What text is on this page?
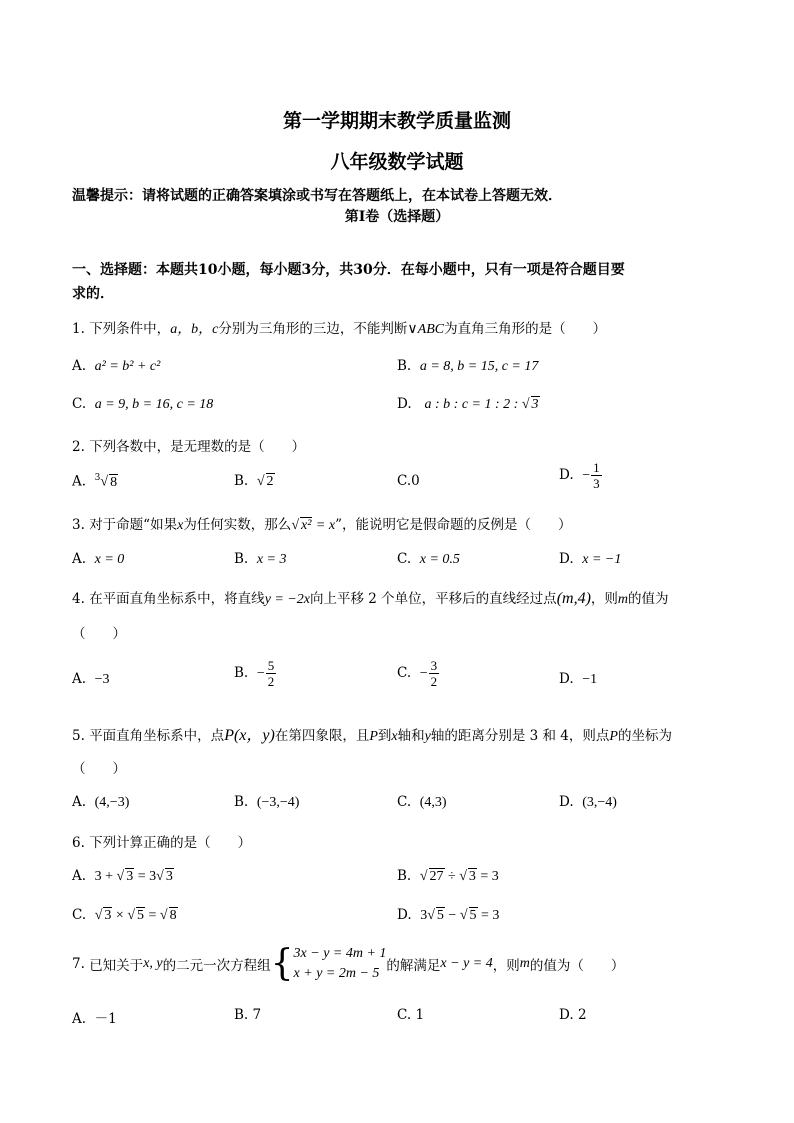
第一学期期末教学质量监测
八年级数学试题
温馨提示：请将试题的正确答案填涂或书写在答题纸上，在本试卷上答题无效．
第Ⅰ卷（选择题）
一、选择题：本题共10小题，每小题3分，共30分．在每小题中，只有一项是符合题目要
求的．
1. 下列条件中，a，b，c分别为三角形的三边，不能判断∨ABC为直角三角形的是（　　）
A. a² = b² + c²	B. a = 8, b = 15, c = 17
C. a = 9, b = 16, c = 18	D. a : b : c = 1 : 2 : √ 3
2. 下列各数中，是无理数的是（　　）
A. $^3$√ 8	B. √ 2	C.0	D. − $\frac{1}{3}$
3. 对于命题“如果x为任何实数，那么√ x² = x”，能说明它是假命题的反例是（　　）
A. x = 0	B. x = 3	C. x = 0.5	D. x = −1
4. 在平面直角坐标系中，将直线y = −2x向上平移 2 个单位，平移后的直线经过点(m,4)，则m的值为
（　　）
A. −3	B. − $\frac{5}{2}$	C. − $\frac{3}{2}$	D. −1
5. 平面直角坐标系中，点P(x，y)在第四象限，且P到x轴和y轴的距离分别是 3 和 4，则点P的坐标为
（　　）
A. (4,−3)	B. (−3,−4)	C. (4,3)	D. (3,−4)
6. 下列计算正确的是（　　）
A. 3 + √ 3 = 3√ 3	B. √ 27 ÷ √ 3 = 3
C. √ 3 × √ 5 = √ 8	D. 3√ 5 − √ 5 = 3
7. 已知关于x, y的二元一次方程组{ 3x − y = 4m + 1
x + y = 2m − 5 的解满足x − y = 4，则m的值为（　　）
A. －1	B. 7	C. 1	D. 2
